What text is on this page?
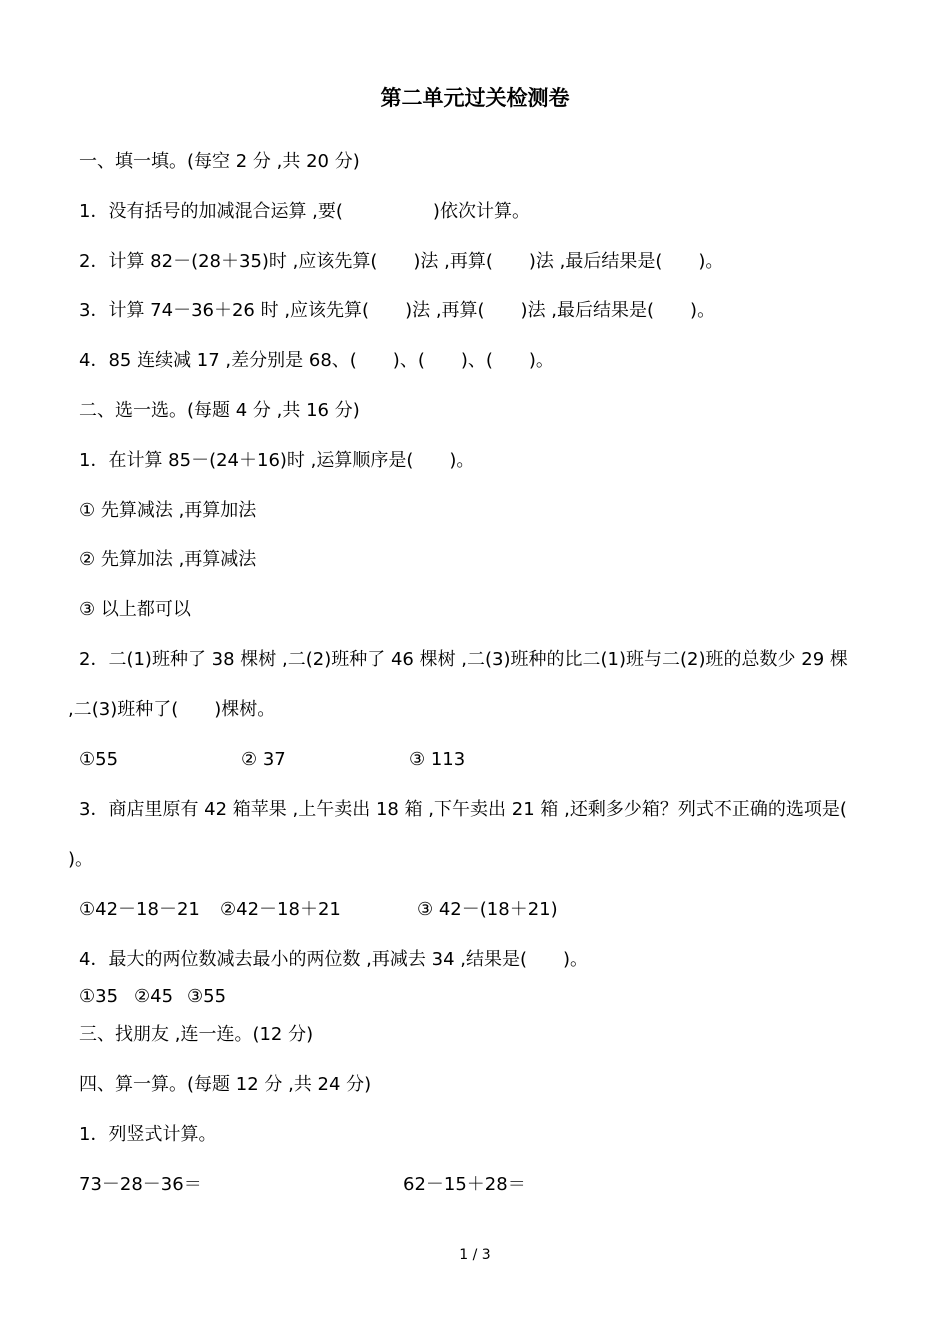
第二单元过关检测卷
一、填一填。(每空 2 分 ,共 20 分)
1．没有括号的加减混合运算 ,要(　　　　　)依次计算。
2．计算 82－(28＋35)时 ,应该先算(　　)法 ,再算(　　)法 ,最后结果是(　　)。
3．计算 74－36＋26 时 ,应该先算(　　)法 ,再算(　　)法 ,最后结果是(　　)。
4．85 连续减 17 ,差分别是 68、(　　)、(　　)、(　　)。
二、选一选。(每题 4 分 ,共 16 分)
1．在计算 85－(24＋16)时 ,运算顺序是(　　)。
① 先算减法 ,再算加法
② 先算加法 ,再算减法
③ 以上都可以
2．二(1)班种了 38 棵树 ,二(2)班种了 46 棵树 ,二(3)班种的比二(1)班与二(2)班的总数少 29 棵
,二(3)班种了(　　)棵树。
①55	② 37	③ 113
3．商店里原有 42 箱苹果 ,上午卖出 18 箱 ,下午卖出 21 箱 ,还剩多少箱？列式不正确的选项是(
)。
①42－18－21 ②42－18＋21	③ 42－(18＋21)
4．最大的两位数减去最小的两位数 ,再减去 34 ,结果是(　　)。
①35 ②45 ③55
三、找朋友 ,连一连。(12 分)
四、算一算。(每题 12 分 ,共 24 分)
1．列竖式计算。
73－28－36＝	62－15＋28＝
1 / 3
